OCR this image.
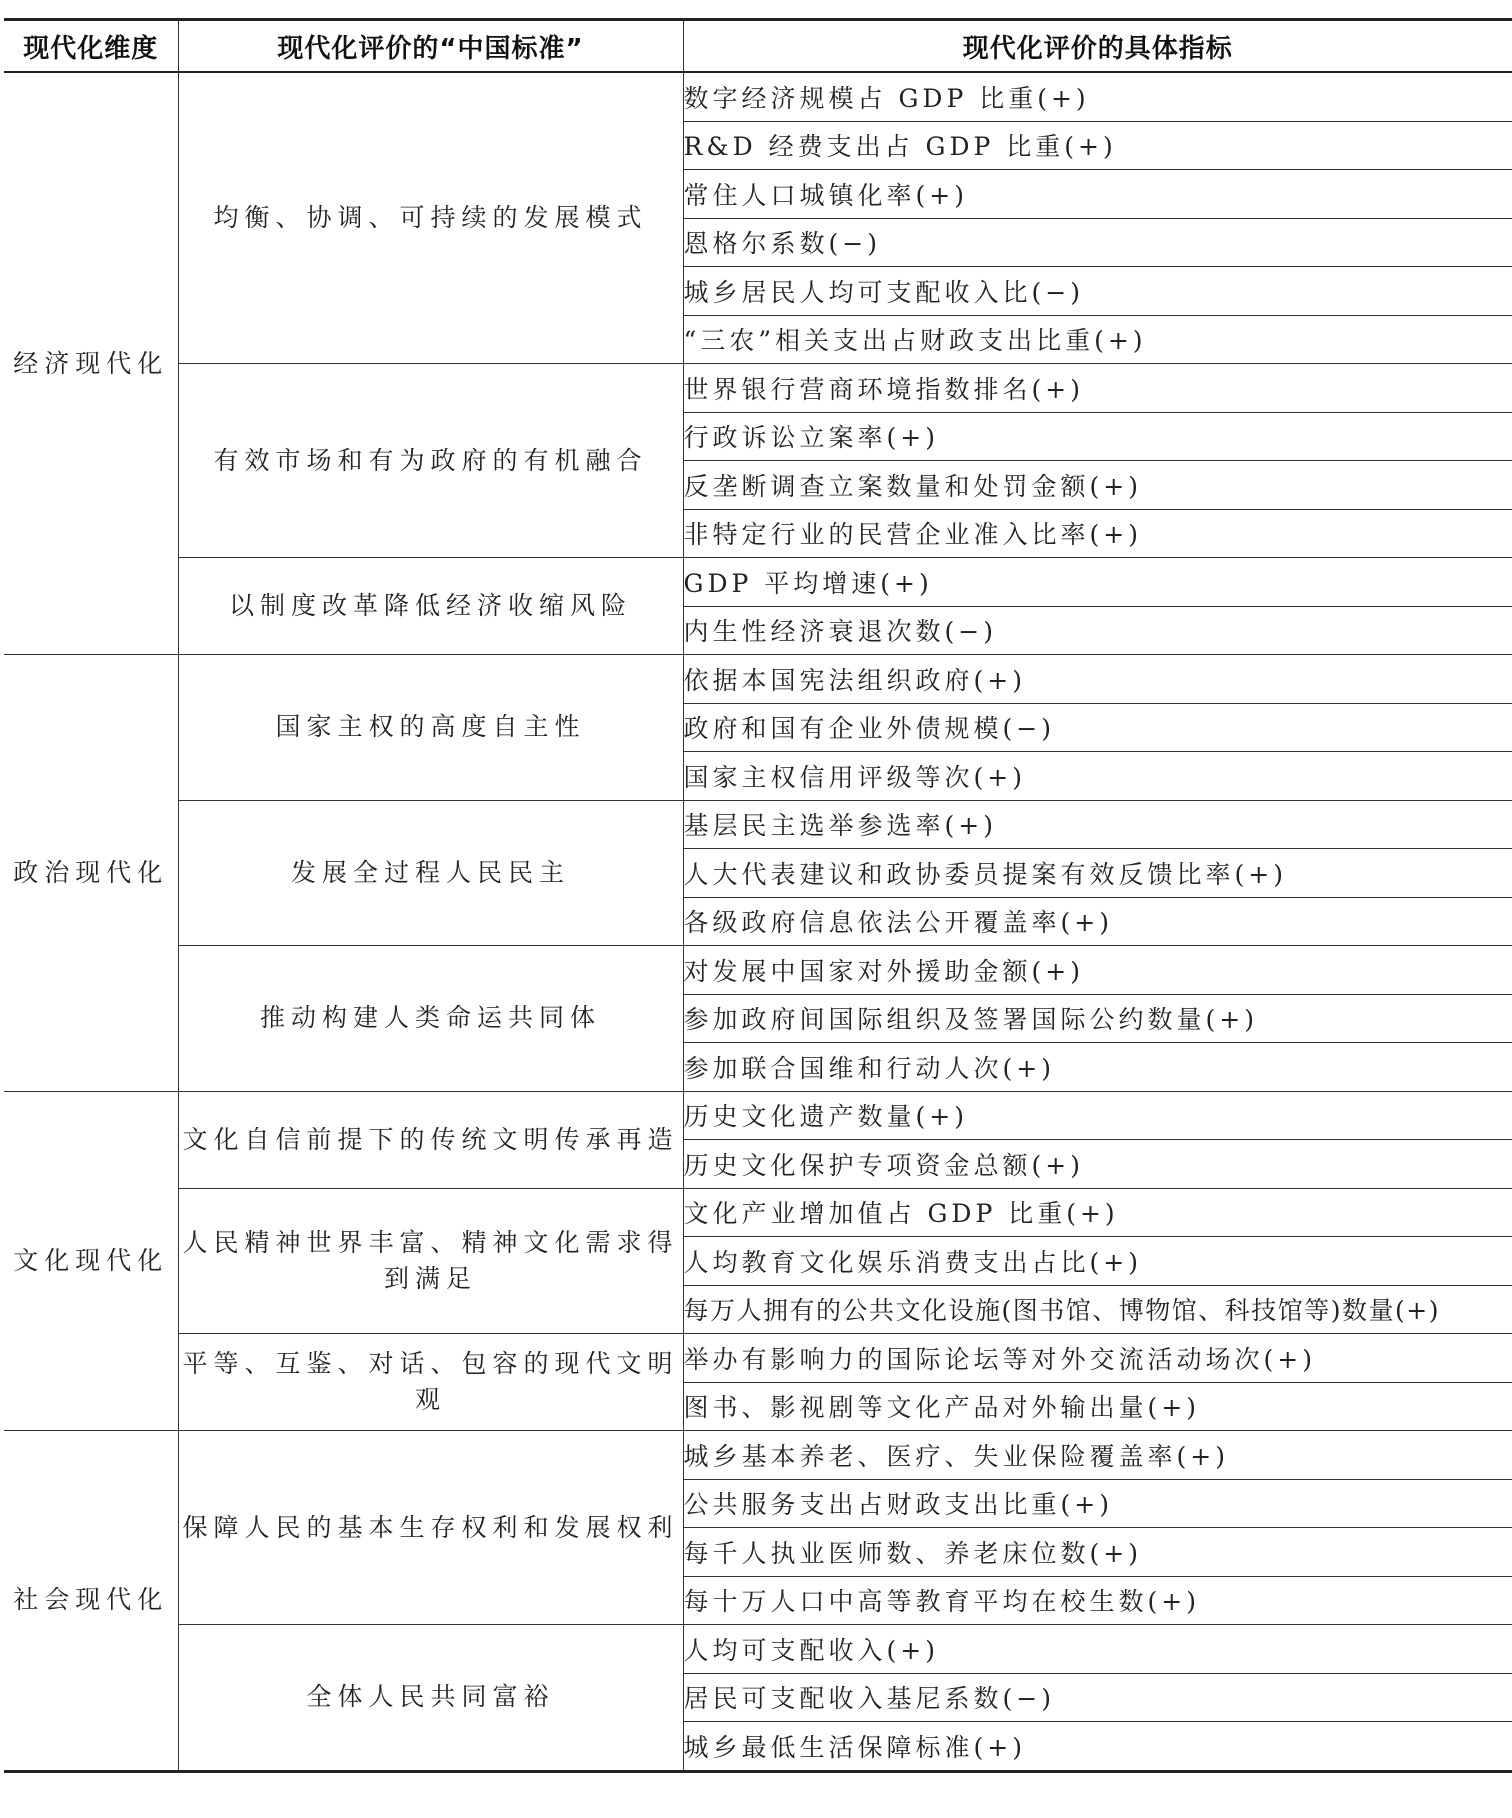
现代化维度	现代化评价的“中国标准”	现代化评价的具体指标
经济现代化	均衡、协调、可持续的发展模式	数字经济规模占 GDP 比重(+)
		R&D 经费支出占 GDP 比重(+)
		常住人口城镇化率(+)
		恩格尔系数(−)
		城乡居民人均可支配收入比(−)
		“三农”相关支出占财政支出比重(+)
	有效市场和有为政府的有机融合	世界银行营商环境指数排名(+)
		行政诉讼立案率(+)
		反垄断调查立案数量和处罚金额(+)
		非特定行业的民营企业准入比率(+)
	以制度改革降低经济收缩风险	GDP 平均增速(+)
		内生性经济衰退次数(−)
政治现代化	国家主权的高度自主性	依据本国宪法组织政府(+)
		政府和国有企业外债规模(−)
		国家主权信用评级等次(+)
	发展全过程人民民主	基层民主选举参选率(+)
		人大代表建议和政协委员提案有效反馈比率(+)
		各级政府信息依法公开覆盖率(+)
	推动构建人类命运共同体	对发展中国家对外援助金额(+)
		参加政府间国际组织及签署国际公约数量(+)
		参加联合国维和行动人次(+)
文化现代化	文化自信前提下的传统文明传承再造	历史文化遗产数量(+)
		历史文化保护专项资金总额(+)
	人民精神世界丰富、精神文化需求得到满足	文化产业增加值占 GDP 比重(+)
		人均教育文化娱乐消费支出占比(+)
		每万人拥有的公共文化设施(图书馆、博物馆、科技馆等)数量(+)
	平等、互鉴、对话、包容的现代文明观	举办有影响力的国际论坛等对外交流活动场次(+)
		图书、影视剧等文化产品对外输出量(+)
社会现代化	保障人民的基本生存权利和发展权利	城乡基本养老、医疗、失业保险覆盖率(+)
		公共服务支出占财政支出比重(+)
		每千人执业医师数、养老床位数(+)
		每十万人口中高等教育平均在校生数(+)
	全体人民共同富裕	人均可支配收入(+)
		居民可支配收入基尼系数(−)
		城乡最低生活保障标准(+)
